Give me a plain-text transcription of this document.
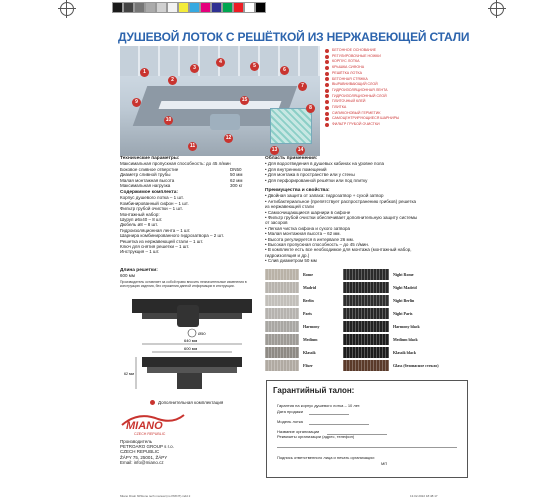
ДУШЕВОЙ ЛОТОК С РЕШЁТКОЙ ИЗ НЕРЖАВЕЮЩЕЙ СТАЛИ
1
2
3
4
5
6
7
8
9
10
11
12
13	14
15
БЕТОННОЕ ОСНОВАНИЕ
РЕГУЛИРОВОЧНЫЕ НОЖКИ
КОРПУС ЛОТКА
КРЫШКА СИФОНА
РЕШЁТКА ЛОТКА
БЕТОННАЯ СТЯЖКА
ВЫРАВНИВАЮЩИЙ СЛОЙ
ГИДРОИЗОЛЯЦИОННАЯ ЛЕНТА
ГИДРОИЗОЛЯЦИОННЫЙ СЛОЙ
ПЛИТОЧНЫЙ КЛЕЙ
ПЛИТКА
СИЛИКОНОВЫЙ ГЕРМЕТИК
САМОЦЕНТРИРУЮЩИЕСЯ ШАРНИРЫ
ФИЛЬТР ГРУБОЙ ОЧИСТКИ
Технические параметры:
Максимальная пропускная способность: до 45 л/мин
Боковое сливное отверстие	DN50
Диаметр сливной трубы	50 мм
Малая монтажная высота	62 мм
Максимальная нагрузка	300 кг
Содержимое комплекта:

Корпус душевого лотка – 1 шт.

Комбинированный сифон – 1 шт.

Фильтр грубой очистки – 1 шт.

Монтажный набор:

Шуруп ø6x40 – 8 шт.

Дюбель ø8 – 8 шт.

Гидроизоляционная лента – 1 шт.

Шарнира комбинированного гидрозатвора – 2 шт.

Решетка из нержавеющей стали – 1 шт.

Ключ для снятия решетки – 1 шт.

Инструкция – 1 шт.

Длина решетки:

600 мм

Производитель оставляет за собой право вносить незначительные изменения в конструкцию изделия, без отражения данной информации в инструкции.
Ø50
640 мм
600 мм
62 мм
Область применения:

• Для водоотведения в душевых кабинах на уровне пола

• Для внутренних помещений

• Для монтажа в пространстве или у стены

• Для перфорированной решётки или под плитку

Преимущества и свойства:

• Двойная защита от запаха: гидрозатвор + сухой затвор

• Антибактериальное (препятствует распространению грибков) решетка

из нержавеющей стали

• Самоочищающиеся шарнири в сифоне

• Фильтр грубой очистки обеспечивает дополнительную защиту системы

от засоров

• Легкая чистка сифона и сухого затвора

• Малая монтажная высота – 62 мм.

• Высота регулируется в интервале 26 мм.

• Высокая пропускная способность – до 45 л/мин.

• В комплекте есть все необходимое для монтажа (монтажный набор,

гидроизоляция и др.)

• Слив диаметром 50 мм

Rome	Night Rome
Madrid	Night Madrid
Berlin	Night Berlin
Paris	Night Paris
Harmony	Harmony black
Medium	Medium black
Klassik	Klassik black
Fliser	Glass (безопасное стекло)
Дополнительная комплектация
MIANO
CZECH REPUBLIC

Производитель

PETROARO GROUP s r.o.

CZECH REPUBLIC

ŽÁPY 75, 25001, ŽÁPY

Email: info@miano.cz

Гарантийный талон:
Гарантия на корпус душевого лотка – 10 лет.
Дата продажи
Модель лотка
Название организации
Реквизиты организации (адрес, телефон)
Подпись ответственного лица и печать организации:
МП
Miano Drain 60Stone tech manual (по PRINT).indd 2	13.02.2022 18:48:17
